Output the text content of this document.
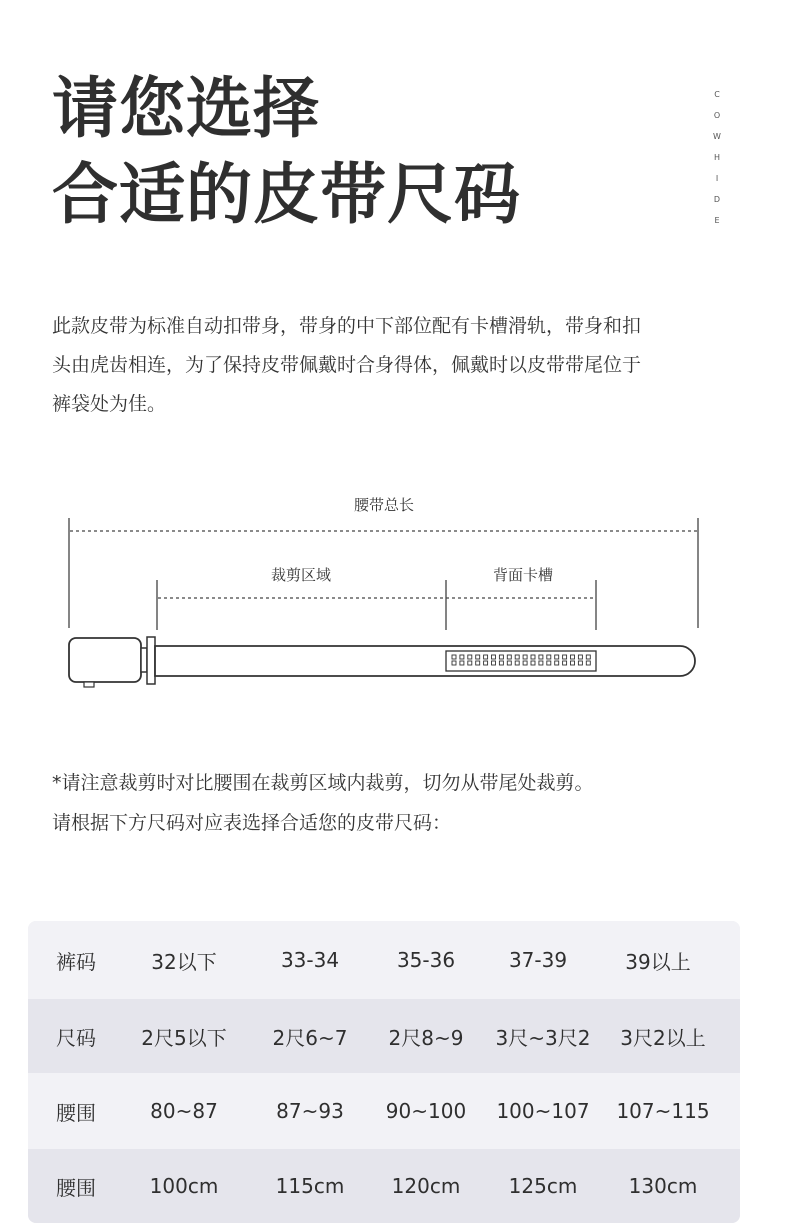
请您选择
合适的皮带尺码
C
O
W
H
I
D
E
此款皮带为标准自动扣带身，带身的中下部位配有卡槽滑轨，带身和扣
头由虎齿相连，为了保持皮带佩戴时合身得体，佩戴时以皮带带尾位于
裤袋处为佳。
腰带总长
裁剪区域	背面卡槽
*请注意裁剪时对比腰围在裁剪区域内裁剪，切勿从带尾处裁剪。
请根据下方尺码对应表选择合适您的皮带尺码：
裤码	32以下	33-34	35-36	37-39	39以上
尺码	2尺5以下	2尺6~7	2尺8~9	3尺~3尺2	3尺2以上
腰围	80~87	87~93	90~100	100~107	107~115
腰围	100cm	115cm	120cm	125cm	130cm
